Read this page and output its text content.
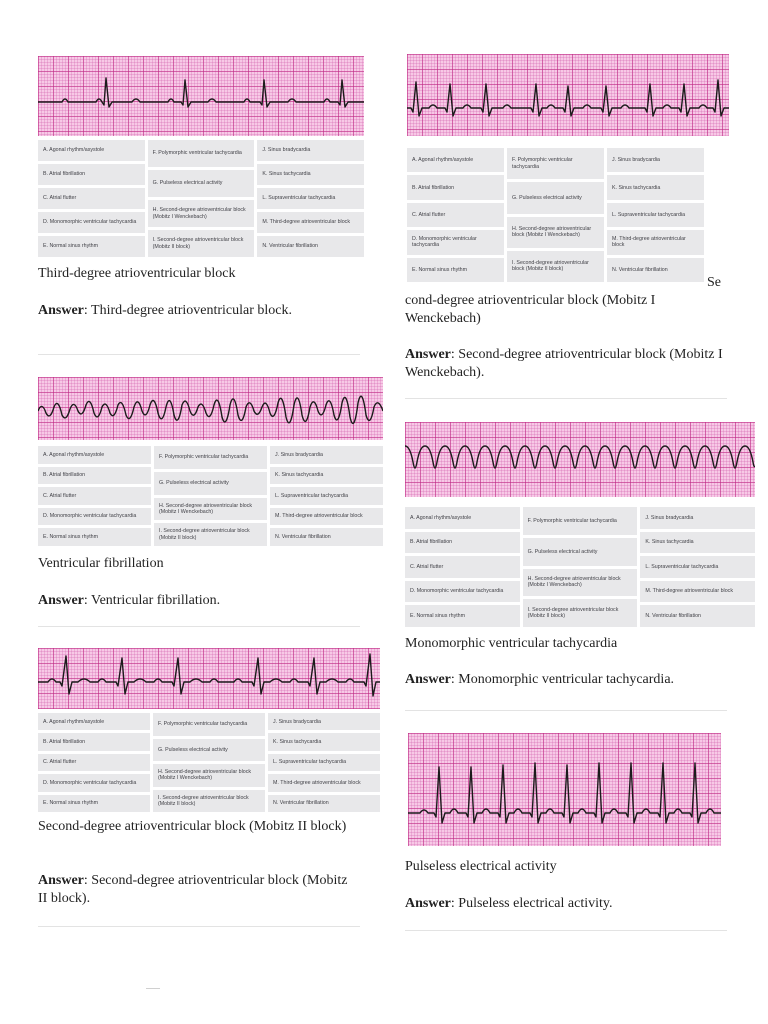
A. Agonal rhythm/asystole
B. Atrial fibrillation
C. Atrial flutter
D. Monomorphic ventricular tachycardia
E. Normal sinus rhythm
F. Polymorphic ventricular tachycardia
G. Pulseless electrical activity
H. Second-degree atrioventricular block (Mobitz I Wenckebach)
I. Second-degree atrioventricular block (Mobitz II block)
J. Sinus bradycardia
K. Sinus tachycardia
L. Supraventricular tachycardia
M. Third-degree atrioventricular block
N. Ventricular fibrillation
Third-degree atrioventricular block
Answer: Third-degree atrioventricular block.
A. Agonal rhythm/asystole
B. Atrial fibrillation
C. Atrial flutter
D. Monomorphic ventricular tachycardia
E. Normal sinus rhythm
F. Polymorphic ventricular tachycardia
G. Pulseless electrical activity
H. Second-degree atrioventricular block (Mobitz I Wenckebach)
I. Second-degree atrioventricular block (Mobitz II block)
J. Sinus bradycardia
K. Sinus tachycardia
L. Supraventricular tachycardia
M. Third-degree atrioventricular block
N. Ventricular fibrillation
Ventricular fibrillation
Answer: Ventricular fibrillation.
A. Agonal rhythm/asystole
B. Atrial fibrillation
C. Atrial flutter
D. Monomorphic ventricular tachycardia
E. Normal sinus rhythm
F. Polymorphic ventricular tachycardia
G. Pulseless electrical activity
H. Second-degree atrioventricular block (Mobitz I Wenckebach)
I. Second-degree atrioventricular block (Mobitz II block)
J. Sinus bradycardia
K. Sinus tachycardia
L. Supraventricular tachycardia
M. Third-degree atrioventricular block
N. Ventricular fibrillation
Second-degree atrioventricular block (Mobitz II block)
Answer: Second-degree atrioventricular block (Mobitz II block).
A. Agonal rhythm/asystole
B. Atrial fibrillation
C. Atrial flutter
D. Monomorphic ventricular tachycardia
E. Normal sinus rhythm
F. Polymorphic ventricular tachycardia
G. Pulseless electrical activity
H. Second-degree atrioventricular block (Mobitz I Wenckebach)
I. Second-degree atrioventricular block (Mobitz II block)
J. Sinus bradycardia
K. Sinus tachycardia
L. Supraventricular tachycardia
M. Third-degree atrioventricular block
N. Ventricular fibrillation
Se
cond-degree atrioventricular block (Mobitz I Wenckebach)
Answer: Second-degree atrioventricular block (Mobitz I Wenckebach).
A. Agonal rhythm/asystole
B. Atrial fibrillation
C. Atrial flutter
D. Monomorphic ventricular tachycardia
E. Normal sinus rhythm
F. Polymorphic ventricular tachycardia
G. Pulseless electrical activity
H. Second-degree atrioventricular block (Mobitz I Wenckebach)
I. Second-degree atrioventricular block (Mobitz II block)
J. Sinus bradycardia
K. Sinus tachycardia
L. Supraventricular tachycardia
M. Third-degree atrioventricular block
N. Ventricular fibrillation
Monomorphic ventricular tachycardia
Answer: Monomorphic ventricular tachycardia.
Pulseless electrical activity
Answer: Pulseless electrical activity.
